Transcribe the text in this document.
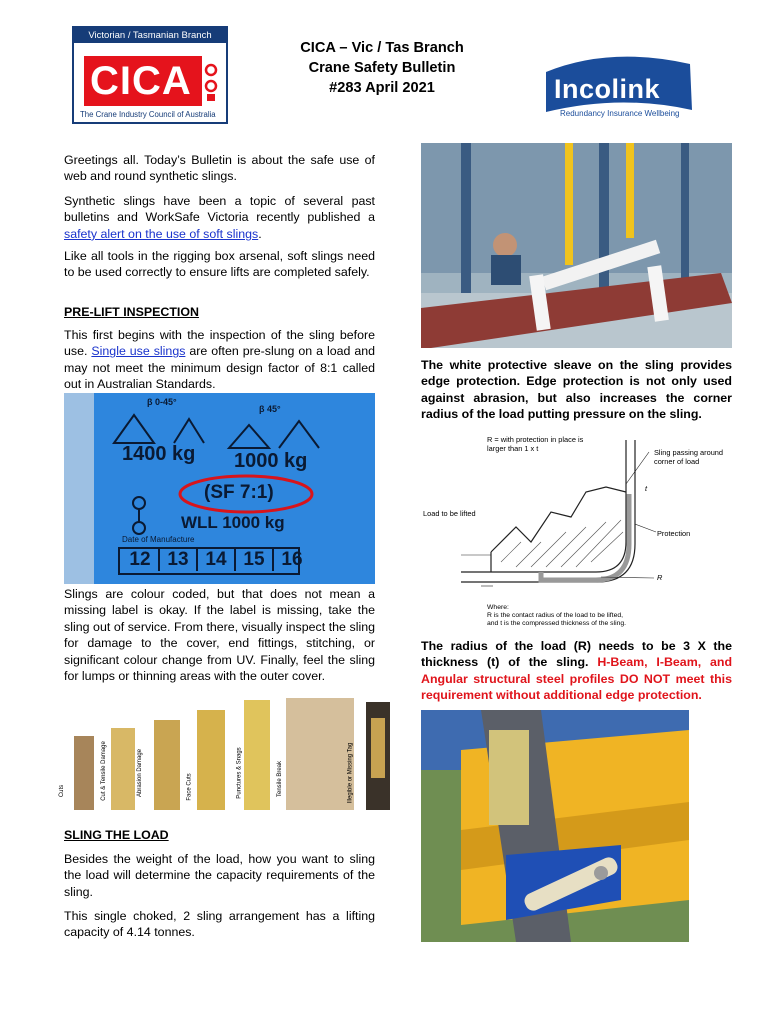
Victorian / Tasmanian Branch
CICA
The Crane Industry Council of Australia
CICA – Vic / Tas Branch
Crane Safety Bulletin
#283 April 2021	Incolink
Redundancy Insurance Wellbeing

Greetings all. Today’s Bulletin is about the safe use of web and round synthetic slings.

Synthetic slings have been a topic of several past bulletins and WorkSafe Victoria recently published a safety alert on the use of soft slings.

Like all tools in the rigging box arsenal, soft slings need to be used correctly to ensure lifts are completed safely.

PRE-LIFT INSPECTION

This first begins with the inspection of the sling before use. Single use slings are often pre-slung on a load and may not meet the minimum design factor of 8:1 called out in Australian Standards.

β 0-45°
β 45°
1400 kg 1000 kg
(SF 7:1)
WLL 1000 kg
Date of Manufacture
12 13 14 15 16

Slings are colour coded, but that does not mean a missing label is okay. If the label is missing, take the sling out of service. From there, visually inspect the sling for damage to the cover, end fittings, stitching, or significant colour change from UV. Finally, feel the sling for lumps or thinning areas with the outer cover.

Cuts	Cut & Tensile Damage	Abrasion Damage	Face Cuts	Punctures & Snags	Tensile Break	Illegible or Missing Tag
SLING THE LOAD

Besides the weight of the load, how you want to sling the load will determine the capacity requirements of the sling.

This single choked, 2 sling arrangement has a lifting capacity of 4.14 tonnes.

The white protective sleave on the sling provides edge protection. Edge protection is not only used against abrasion, but also increases the corner radius of the load putting pressure on the sling.

R = with protection in place is larger than 1 x t	Sling passing around corner of load
t
Load to be lifted
Protection
R
Where:
R is the contact radius of the load to be lifted,
and t is the compressed thickness of the sling.

The radius of the load (R) needs to be 3 X the thickness (t) of the sling. H-Beam, I-Beam, and Angular structural steel profiles DO NOT meet this requirement without additional edge protection.
